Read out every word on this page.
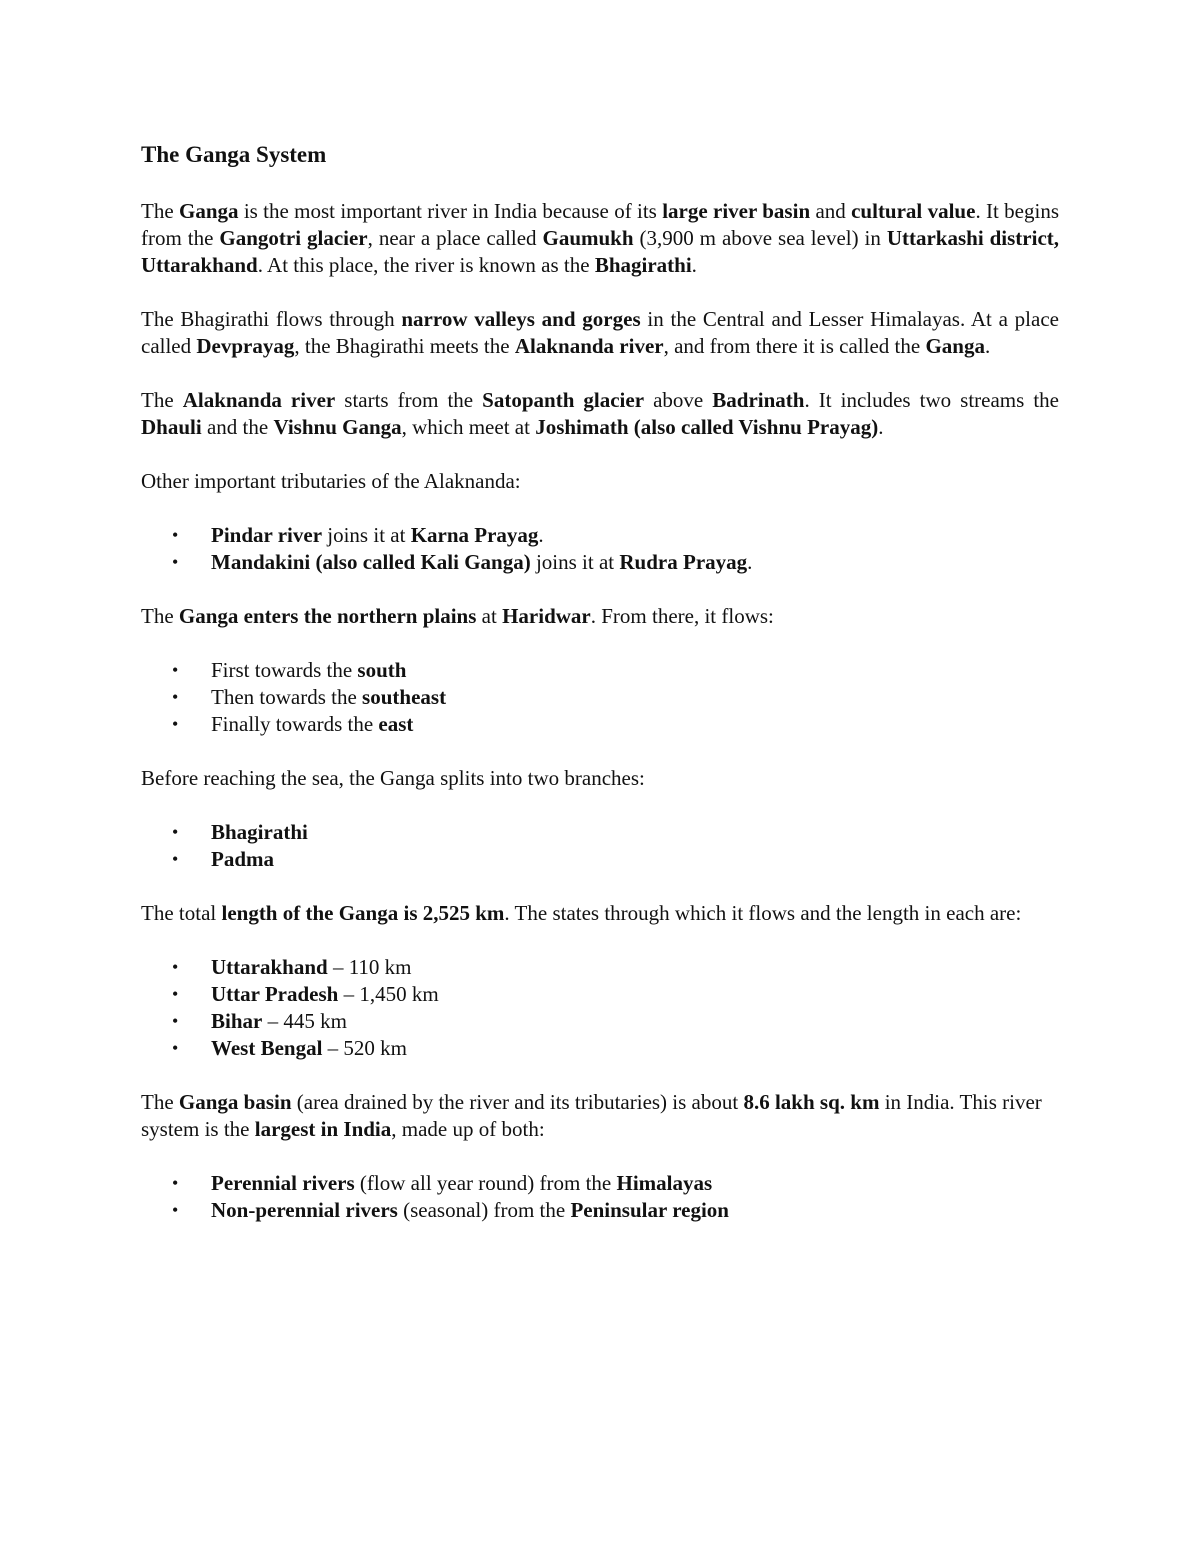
The Ganga System

The Ganga is the most important river in India because of its large river basin and cultural value. It begins from the Gangotri glacier, near a place called Gaumukh (3,900 m above sea level) in Uttarkashi district, Uttarakhand. At this place, the river is known as the Bhagirathi.

The Bhagirathi flows through narrow valleys and gorges in the Central and Lesser Himalayas. At a place called Devprayag, the Bhagirathi meets the Alaknanda river, and from there it is called the Ganga.

The Alaknanda river starts from the Satopanth glacier above Badrinath. It includes two streams the Dhauli and the Vishnu Ganga, which meet at Joshimath (also called Vishnu Prayag).

Other important tributaries of the Alaknanda:

• Pindar river joins it at Karna Prayag.
• Mandakini (also called Kali Ganga) joins it at Rudra Prayag.

The Ganga enters the northern plains at Haridwar. From there, it flows:

• First towards the south
• Then towards the southeast
• Finally towards the east

Before reaching the sea, the Ganga splits into two branches:

• Bhagirathi
• Padma

The total length of the Ganga is 2,525 km. The states through which it flows and the length in each are:

• Uttarakhand – 110 km
• Uttar Pradesh – 1,450 km
• Bihar – 445 km
• West Bengal – 520 km

The Ganga basin (area drained by the river and its tributaries) is about 8.6 lakh sq. km in India. This river system is the largest in India, made up of both:

• Perennial rivers (flow all year round) from the Himalayas
• Non-perennial rivers (seasonal) from the Peninsular region
